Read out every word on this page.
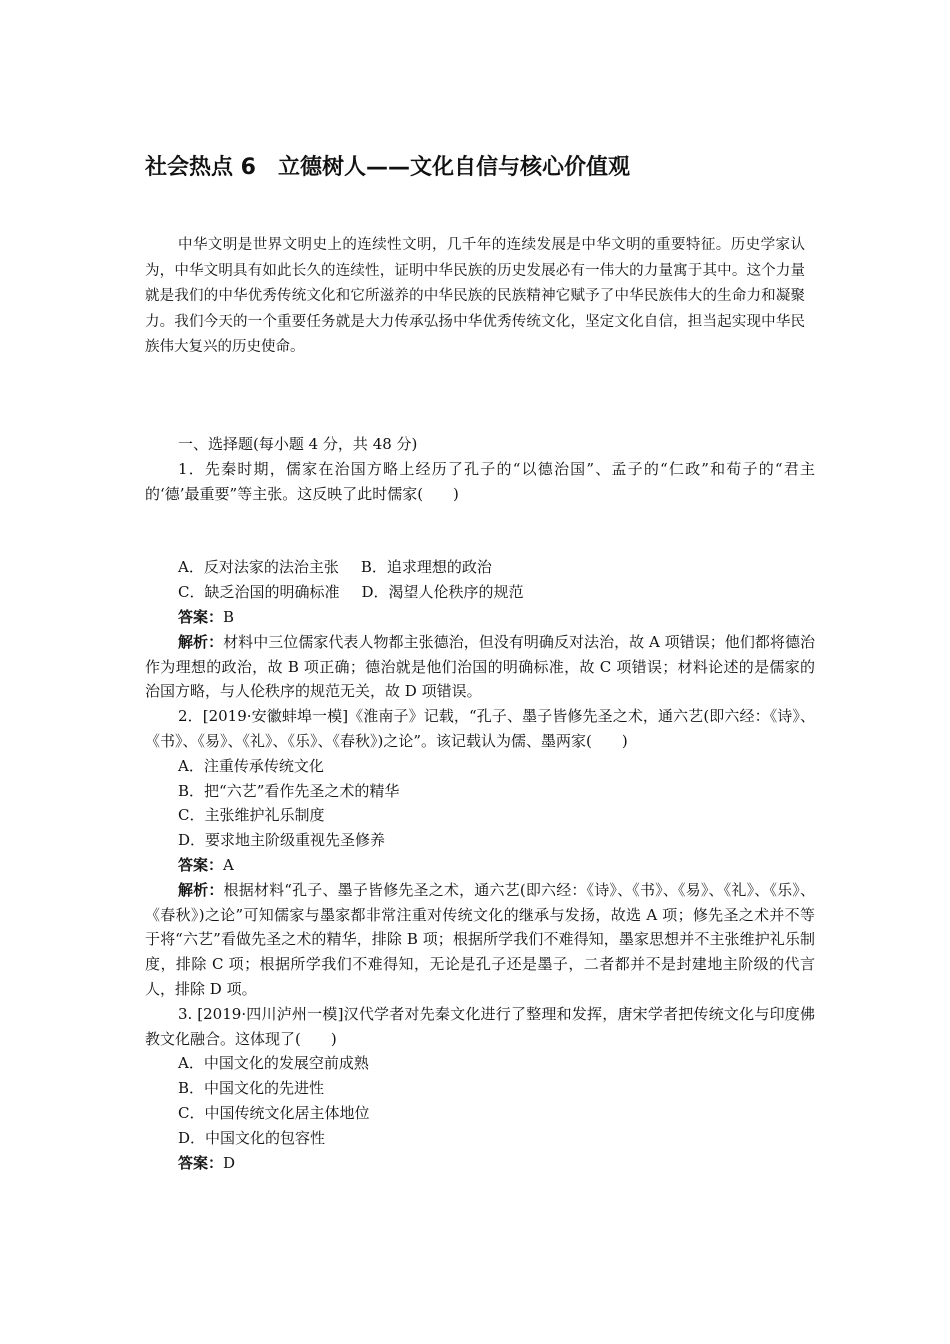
社会热点 6　立德树人——文化自信与核心价值观

中华文明是世界文明史上的连续性文明，几千年的连续发展是中华文明的重要特征。历史学家认为，中华文明具有如此长久的连续性，证明中华民族的历史发展必有一伟大的力量寓于其中。这个力量就是我们的中华优秀传统文化和它所滋养的中华民族的民族精神它赋予了中华民族伟大的生命力和凝聚力。我们今天的一个重要任务就是大力传承弘扬中华优秀传统文化，坚定文化自信，担当起实现中华民族伟大复兴的历史使命。

一、选择题(每小题 4 分，共 48 分)

1．先秦时期，儒家在治国方略上经历了孔子的“以德治国”、孟子的“仁政”和荀子的“君主的‘德’最重要”等主张。这反映了此时儒家(　　)

A．反对法家的法治主张 B．追求理想的政治

C．缺乏治国的明确标准 D．渴望人伦秩序的规范

答案：B

解析：材料中三位儒家代表人物都主张德治，但没有明确反对法治，故 A 项错误；他们都将德治作为理想的政治，故 B 项正确；德治就是他们治国的明确标准，故 C 项错误；材料论述的是儒家的治国方略，与人伦秩序的规范无关，故 D 项错误。

2．[2019·安徽蚌埠一模]《淮南子》记载，“孔子、墨子皆修先圣之术，通六艺(即六经：《诗》、《书》、《易》、《礼》、《乐》、《春秋》)之论”。该记载认为儒、墨两家(　　)

A．注重传承传统文化

B．把“六艺”看作先圣之术的精华

C．主张维护礼乐制度

D．要求地主阶级重视先圣修养

答案：A

解析：根据材料“孔子、墨子皆修先圣之术，通六艺(即六经：《诗》、《书》、《易》、《礼》、《乐》、《春秋》)之论”可知儒家与墨家都非常注重对传统文化的继承与发扬，故选 A 项；修先圣之术并不等于将“六艺”看做先圣之术的精华，排除 B 项；根据所学我们不难得知，墨家思想并不主张维护礼乐制度，排除 C 项；根据所学我们不难得知，无论是孔子还是墨子，二者都并不是封建地主阶级的代言人，排除 D 项。

3. [2019·四川泸州一模]汉代学者对先秦文化进行了整理和发挥，唐宋学者把传统文化与印度佛教文化融合。这体现了(　　)

A．中国文化的发展空前成熟

B．中国文化的先进性

C．中国传统文化居主体地位

D．中国文化的包容性

答案：D
